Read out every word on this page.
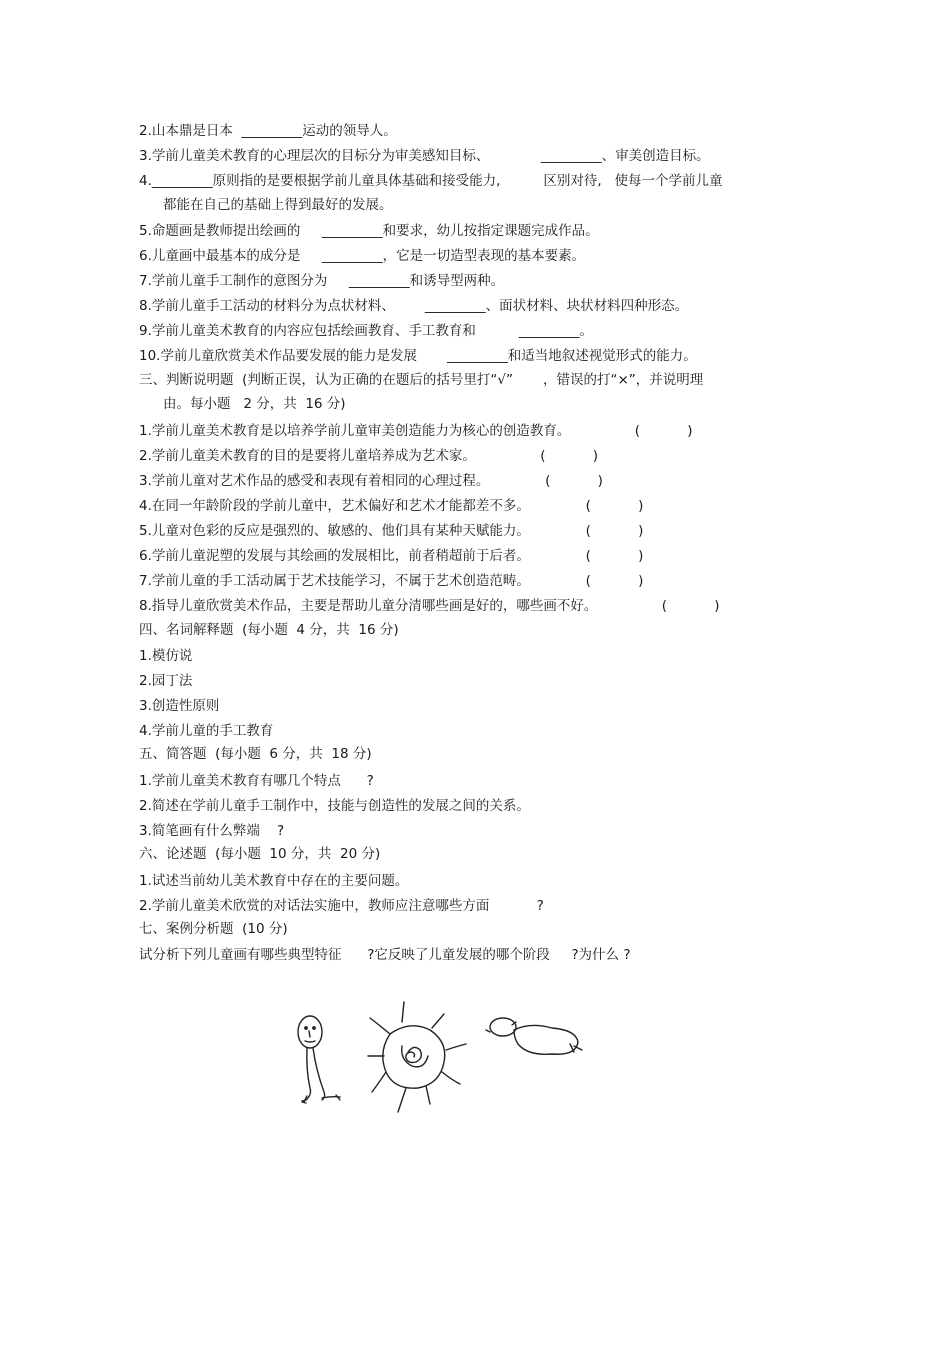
2.山本鼎是日本  _________运动的领导人。
3.学前儿童美术教育的心理层次的目标分为审美感知目标、            _________、审美创造目标。
4._________原则指的是要根据学前儿童具体基础和接受能力,          区别对待,   使每一个学前儿童
都能在自己的基础上得到最好的发展。
5.命题画是教师提出绘画的     _________和要求，幼儿按指定课题完成作品。
6.儿童画中最基本的成分是     _________，它是一切造型表现的基本要素。
7.学前儿童手工制作的意图分为     _________和诱导型两种。
8.学前儿童手工活动的材料分为点状材料、       _________、面状材料、块状材料四种形态。
9.学前儿童美术教育的内容应包括绘画教育、手工教育和          _________。
10.学前儿童欣赏美术作品要发展的能力是发展       _________和适当地叙述视觉形式的能力。
三、判断说明题  (判断正误，认为正确的在题后的括号里打“√”       ，错误的打“×”，并说明理
由。每小题   2 分，共  16 分)
1.学前儿童美术教育是以培养学前儿童审美创造能力为核心的创造教育。               (           )
2.学前儿童美术教育的目的是要将儿童培养成为艺术家。               (           )
3.学前儿童对艺术作品的感受和表现有着相同的心理过程。             (           )
4.在同一年龄阶段的学前儿童中，艺术偏好和艺术才能都差不多。             (           )
5.儿童对色彩的反应是强烈的、敏感的、他们具有某种天赋能力。             (           )
6.学前儿童泥塑的发展与其绘画的发展相比，前者稍超前于后者。             (           )
7.学前儿童的手工活动属于艺术技能学习，不属于艺术创造范畴。             (           )
8.指导儿童欣赏美术作品，主要是帮助儿童分清哪些画是好的，哪些画不好。               (           )
四、名词解释题  (每小题  4 分，共  16 分)
1.模仿说
2.园丁法
3.创造性原则
4.学前儿童的手工教育
五、简答题  (每小题  6 分，共  18 分)
1.学前儿童美术教育有哪几个特点      ?
2.简述在学前儿童手工制作中，技能与创造性的发展之间的关系。
3.简笔画有什么弊端    ?
六、论述题  (每小题  10 分，共  20 分)
1.试述当前幼儿美术教育中存在的主要问题。
2.学前儿童美术欣赏的对话法实施中，教师应注意哪些方面           ?
七、案例分析题  (10 分)
试分析下列儿童画有哪些典型特征      ?它反映了儿童发展的哪个阶段     ?为什么 ?
